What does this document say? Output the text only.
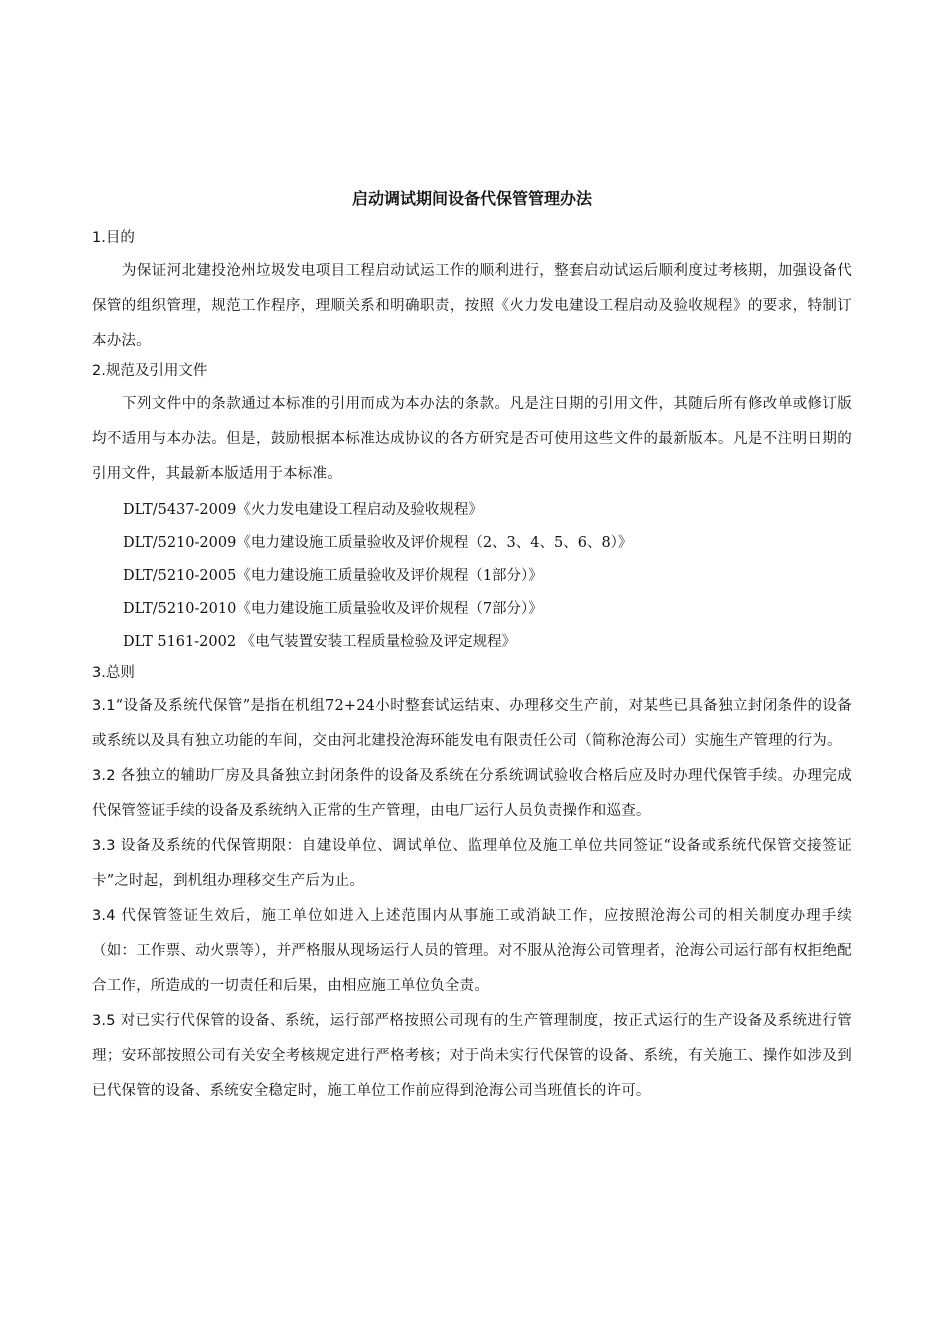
启动调试期间设备代保管管理办法
1.目的

为保证河北建投沧州垃圾发电项目工程启动试运工作的顺利进行，整套启动试运后顺利度过考核期，加强设备代保管的组织管理，规范工作程序，理顺关系和明确职责，按照《火力发电建设工程启动及验收规程》的要求，特制订本办法。

2.规范及引用文件

下列文件中的条款通过本标准的引用而成为本办法的条款。凡是注日期的引用文件，其随后所有修改单或修订版均不适用与本办法。但是，鼓励根据本标准达成协议的各方研究是否可使用这些文件的最新版本。凡是不注明日期的引用文件，其最新本版适用于本标准。

DLT/5437-2009《火力发电建设工程启动及验收规程》

DLT/5210-2009《电力建设施工质量验收及评价规程（2、3、4、5、6、8）》

DLT/5210-2005《电力建设施工质量验收及评价规程（1部分）》

DLT/5210-2010《电力建设施工质量验收及评价规程（7部分）》

DLT 5161-2002 《电气装置安装工程质量检验及评定规程》

3.总则

3.1“设备及系统代保管”是指在机组72+24小时整套试运结束、办理移交生产前，对某些已具备独立封闭条件的设备或系统以及具有独立功能的车间，交由河北建投沧海环能发电有限责任公司（简称沧海公司）实施生产管理的行为。

3.2 各独立的辅助厂房及具备独立封闭条件的设备及系统在分系统调试验收合格后应及时办理代保管手续。办理完成代保管签证手续的设备及系统纳入正常的生产管理，由电厂运行人员负责操作和巡查。

3.3 设备及系统的代保管期限：自建设单位、调试单位、监理单位及施工单位共同签证“设备或系统代保管交接签证卡”之时起，到机组办理移交生产后为止。

3.4 代保管签证生效后，施工单位如进入上述范围内从事施工或消缺工作，应按照沧海公司的相关制度办理手续（如：工作票、动火票等），并严格服从现场运行人员的管理。对不服从沧海公司管理者，沧海公司运行部有权拒绝配合工作，所造成的一切责任和后果，由相应施工单位负全责。

3.5 对已实行代保管的设备、系统，运行部严格按照公司现有的生产管理制度，按正式运行的生产设备及系统进行管理；安环部按照公司有关安全考核规定进行严格考核；对于尚未实行代保管的设备、系统，有关施工、操作如涉及到已代保管的设备、系统安全稳定时，施工单位工作前应得到沧海公司当班值长的许可。
